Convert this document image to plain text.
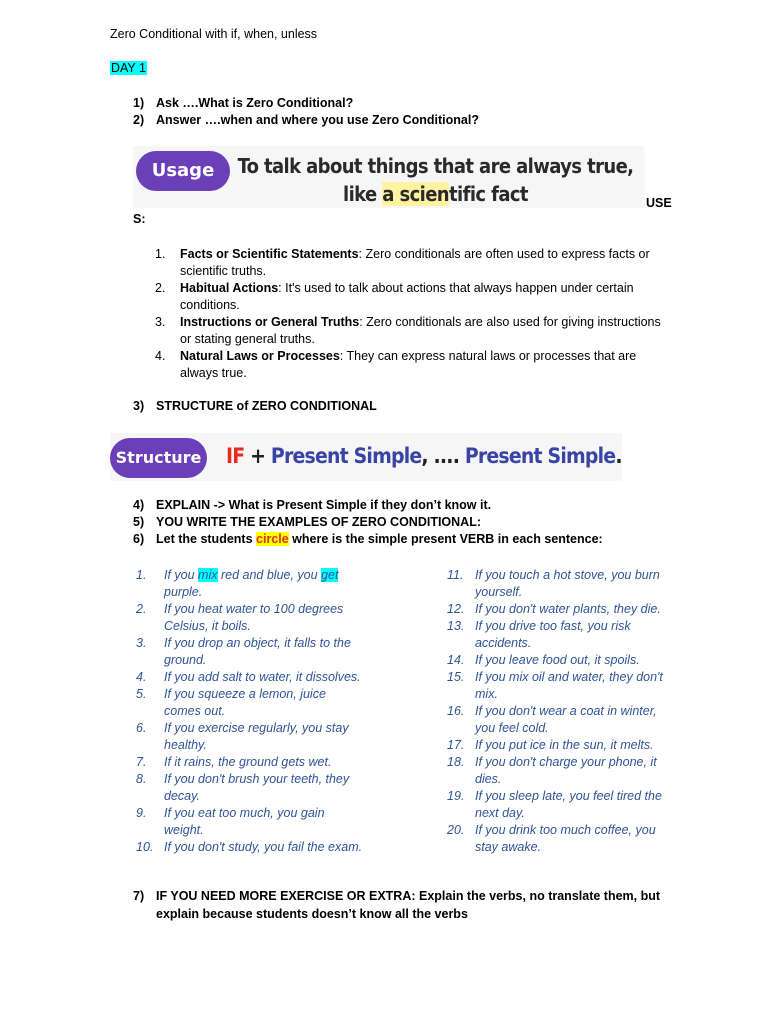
Zero Conditional with if, when, unless
DAY 1
1) Ask ….What is Zero Conditional?
2) Answer ….when and where you use Zero Conditional?
Usage	To talk about things that are always true,
like a scientific fact	USE
S:
1. Facts or Scientific Statements: Zero conditionals are often used to express facts or scientific truths.
2. Habitual Actions: It's used to talk about actions that always happen under certain conditions.
3. Instructions or General Truths: Zero conditionals are also used for giving instructions or stating general truths.
4. Natural Laws or Processes: They can express natural laws or processes that are always true.
3) STRUCTURE of ZERO CONDITIONAL
Structure IF + Present Simple, .... Present Simple.
4) EXPLAIN -> What is Present Simple if they don’t know it.
5) YOU WRITE THE EXAMPLES OF ZERO CONDITIONAL:
6) Let the students circle where is the simple present VERB in each sentence:
1. If you mix red and blue, you get purple.
2. If you heat water to 100 degrees Celsius, it boils.
3. If you drop an object, it falls to the ground.
4. If you add salt to water, it dissolves.
5. If you squeeze a lemon, juice comes out.
6. If you exercise regularly, you stay healthy.
7. If it rains, the ground gets wet.
8. If you don't brush your teeth, they decay.
9. If you eat too much, you gain weight.
10. If you don't study, you fail the exam.
11. If you touch a hot stove, you burn yourself.
12. If you don't water plants, they die.
13. If you drive too fast, you risk accidents.
14. If you leave food out, it spoils.
15. If you mix oil and water, they don't mix.
16. If you don't wear a coat in winter, you feel cold.
17. If you put ice in the sun, it melts.
18. If you don't charge your phone, it dies.
19. If you sleep late, you feel tired the next day.
20. If you drink too much coffee, you stay awake.
7) IF YOU NEED MORE EXERCISE OR EXTRA: Explain the verbs, no translate them, but explain because students doesn’t know all the verbs
